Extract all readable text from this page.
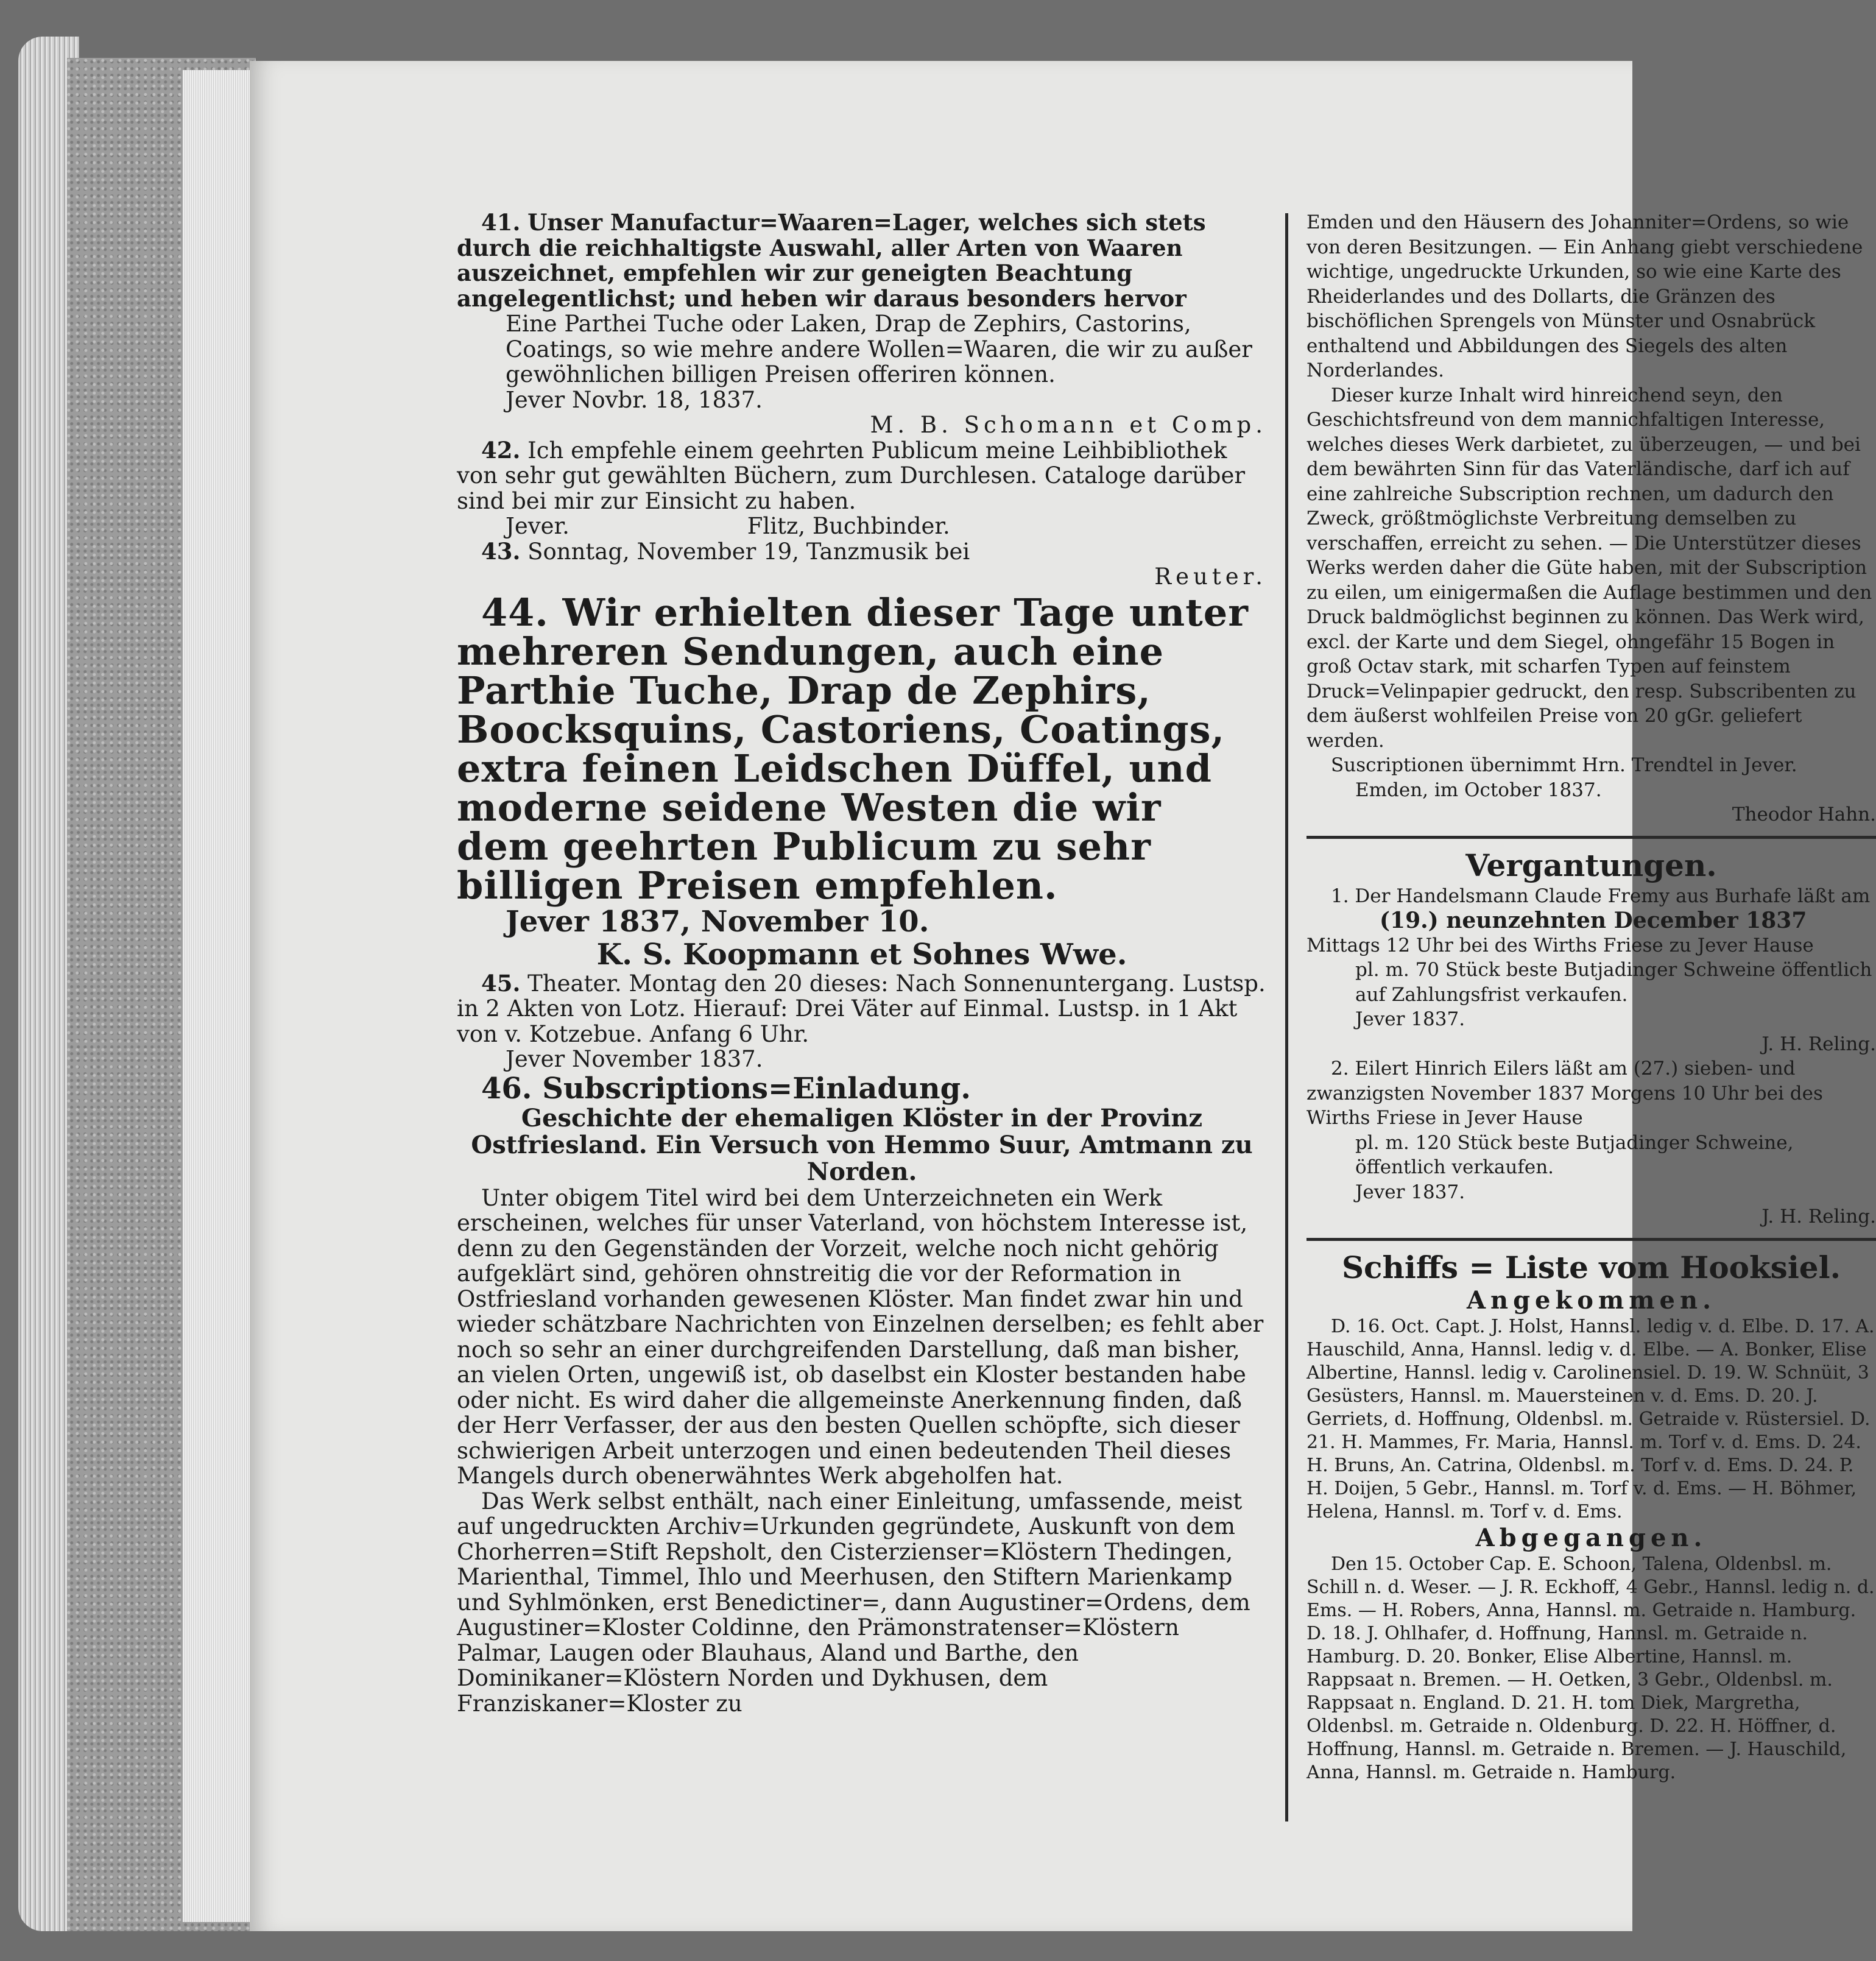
41. Unser Manufactur=Waaren=Lager, welches sich stets durch die reichhaltigste Auswahl, aller Arten von Waaren auszeichnet, empfehlen wir zur geneigten Beachtung angelegentlichst; und heben wir daraus besonders hervor

Eine Parthei Tuche oder Laken, Drap de Zephirs, Castorins, Coatings, so wie mehre andere Wollen=Waaren, die wir zu außer gewöhnlichen billigen Preisen offeriren können.

Jever Novbr. 18, 1837.

M. B. Schomann et Comp.

42. Ich empfehle einem geehrten Publicum meine Leihbibliothek von sehr gut gewählten Büchern, zum Durchlesen. Cataloge darüber sind bei mir zur Einsicht zu haben.

Jever.	Flitz, Buchbinder.

43. Sonntag, November 19, Tanzmusik bei

Reuter.

44. Wir erhielten dieser Tage unter mehreren Sendungen, auch eine Parthie Tuche, Drap de Zephirs, Boocksquins, Castoriens, Coatings, extra feinen Leidschen Düffel, und moderne seidene Westen die wir dem geehrten Publicum zu sehr billigen Preisen empfehlen.

Jever 1837, November 10.

K. S. Koopmann et Sohnes Wwe.

45. Theater. Montag den 20 dieses: Nach Sonnenuntergang. Lustsp. in 2 Akten von Lotz. Hierauf: Drei Väter auf Einmal. Lustsp. in 1 Akt von v. Kotzebue. Anfang 6 Uhr.

Jever November 1837.

46. Subscriptions=Einladung.

Geschichte der ehemaligen Klöster in der Provinz Ostfriesland. Ein Versuch von Hemmo Suur, Amtmann zu Norden.

Unter obigem Titel wird bei dem Unterzeichneten ein Werk erscheinen, welches für unser Vaterland, von höchstem Interesse ist, denn zu den Gegenständen der Vorzeit, welche noch nicht gehörig aufgeklärt sind, gehören ohnstreitig die vor der Reformation in Ostfriesland vorhanden gewesenen Klöster. Man findet zwar hin und wieder schätzbare Nachrichten von Einzelnen derselben; es fehlt aber noch so sehr an einer durchgreifenden Darstellung, daß man bisher, an vielen Orten, ungewiß ist, ob daselbst ein Kloster bestanden habe oder nicht. Es wird daher die allgemeinste Anerkennung finden, daß der Herr Verfasser, der aus den besten Quellen schöpfte, sich dieser schwierigen Arbeit unterzogen und einen bedeutenden Theil dieses Mangels durch obenerwähntes Werk abgeholfen hat.

Das Werk selbst enthält, nach einer Einleitung, umfassende, meist auf ungedruckten Archiv=Urkunden gegründete, Auskunft von dem Chorherren=Stift Repsholt, den Cisterzienser=Klöstern Thedingen, Marienthal, Timmel, Ihlo und Meerhusen, den Stiftern Marienkamp und Syhlmönken, erst Benedictiner=, dann Augustiner=Ordens, dem Augustiner=Kloster Coldinne, den Prämonstratenser=Klöstern Palmar, Laugen oder Blauhaus, Aland und Barthe, den Dominikaner=Klöstern Norden und Dykhusen, dem Franziskaner=Kloster zu

Emden und den Häusern des Johanniter=Ordens, so wie von deren Besitzungen. — Ein Anhang giebt verschiedene wichtige, ungedruckte Urkunden, so wie eine Karte des Rheiderlandes und des Dollarts, die Gränzen des bischöflichen Sprengels von Münster und Osnabrück enthaltend und Abbildungen des Siegels des alten Norderlandes.

Dieser kurze Inhalt wird hinreichend seyn, den Geschichtsfreund von dem mannichfaltigen Interesse, welches dieses Werk darbietet, zu überzeugen, — und bei dem bewährten Sinn für das Vaterländische, darf ich auf eine zahlreiche Subscription rechnen, um dadurch den Zweck, größtmöglichste Verbreitung demselben zu verschaffen, erreicht zu sehen. — Die Unterstützer dieses Werks werden daher die Güte haben, mit der Subscription zu eilen, um einigermaßen die Auflage bestimmen und den Druck baldmöglichst beginnen zu können. Das Werk wird, excl. der Karte und dem Siegel, ohngefähr 15 Bogen in groß Octav stark, mit scharfen Typen auf feinstem Druck=Velinpapier gedruckt, den resp. Subscribenten zu dem äußerst wohlfeilen Preise von 20 gGr. geliefert werden.

Suscriptionen übernimmt Hrn. Trendtel in Jever.

Emden, im October 1837.

Theodor Hahn.

Vergantungen.

1. Der Handelsmann Claude Fremy aus Burhafe läßt am

(19.) neunzehnten December 1837

Mittags 12 Uhr bei des Wirths Friese zu Jever Hause

pl. m. 70 Stück beste Butjadinger Schweine öffentlich auf Zahlungsfrist verkaufen.

Jever 1837.

J. H. Reling.

2. Eilert Hinrich Eilers läßt am (27.) sieben- und zwanzigsten November 1837 Morgens 10 Uhr bei des Wirths Friese in Jever Hause

pl. m. 120 Stück beste Butjadinger Schweine, öffentlich verkaufen.

Jever 1837.

J. H. Reling.

Schiffs = Liste vom Hooksiel.

Angekommen.

D. 16. Oct. Capt. J. Holst, Hannsl. ledig v. d. Elbe. D. 17. A. Hauschild, Anna, Hannsl. ledig v. d. Elbe. — A. Bonker, Elise Albertine, Hannsl. ledig v. Carolinensiel. D. 19. W. Schnüit, 3 Gesüsters, Hannsl. m. Mauersteinen v. d. Ems. D. 20. J. Gerriets, d. Hoffnung, Oldenbsl. m. Getraide v. Rüstersiel. D. 21. H. Mammes, Fr. Maria, Hannsl. m. Torf v. d. Ems. D. 24. H. Bruns, An. Catrina, Oldenbsl. m. Torf v. d. Ems. D. 24. P. H. Doijen, 5 Gebr., Hannsl. m. Torf v. d. Ems. — H. Böhmer, Helena, Hannsl. m. Torf v. d. Ems.

Abgegangen.

Den 15. October Cap. E. Schoon, Talena, Oldenbsl. m. Schill n. d. Weser. — J. R. Eckhoff, 4 Gebr., Hannsl. ledig n. d. Ems. — H. Robers, Anna, Hannsl. m. Getraide n. Hamburg. D. 18. J. Ohlhafer, d. Hoffnung, Hannsl. m. Getraide n. Hamburg. D. 20. Bonker, Elise Albertine, Hannsl. m. Rappsaat n. Bremen. — H. Oetken, 3 Gebr., Oldenbsl. m. Rappsaat n. England. D. 21. H. tom Diek, Margretha, Oldenbsl. m. Getraide n. Oldenburg. D. 22. H. Höffner, d. Hoffnung, Hannsl. m. Getraide n. Bremen. — J. Hauschild, Anna, Hannsl. m. Getraide n. Hamburg.
